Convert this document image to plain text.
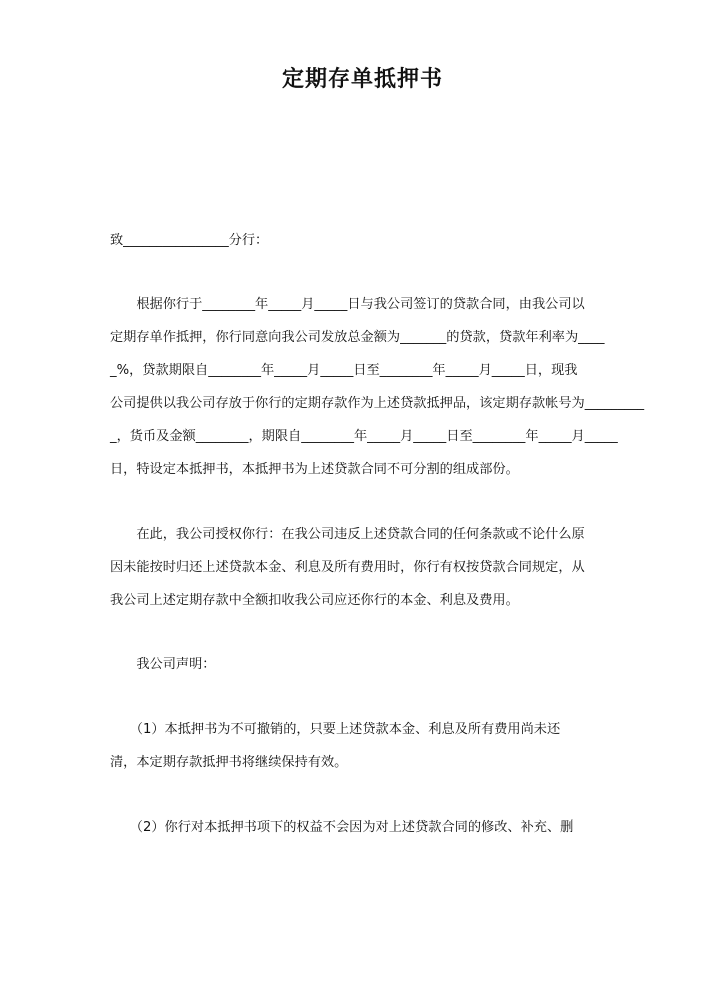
定期存单抵押书
致________________分行：
　　根据你行于________年_____月_____日与我公司签订的贷款合同，由我公司以
定期存单作抵押，你行同意向我公司发放总金额为_______的贷款，贷款年利率为____
_%，贷款期限自________年_____月_____日至________年_____月_____日，现我
公司提供以我公司存放于你行的定期存款作为上述贷款抵押品，该定期存款帐号为_________
_，货币及金额________，期限自________年_____月_____日至________年_____月_____
日，特设定本抵押书，本抵押书为上述贷款合同不可分割的组成部份。
　　在此，我公司授权你行：在我公司违反上述贷款合同的任何条款或不论什么原
因未能按时归还上述贷款本金、利息及所有费用时，你行有权按贷款合同规定，从
我公司上述定期存款中全额扣收我公司应还你行的本金、利息及费用。
　　我公司声明：
　　（1）本抵押书为不可撤销的，只要上述贷款本金、利息及所有费用尚未还
清，本定期存款抵押书将继续保持有效。
　　（2）你行对本抵押书项下的权益不会因为对上述贷款合同的修改、补充、删
